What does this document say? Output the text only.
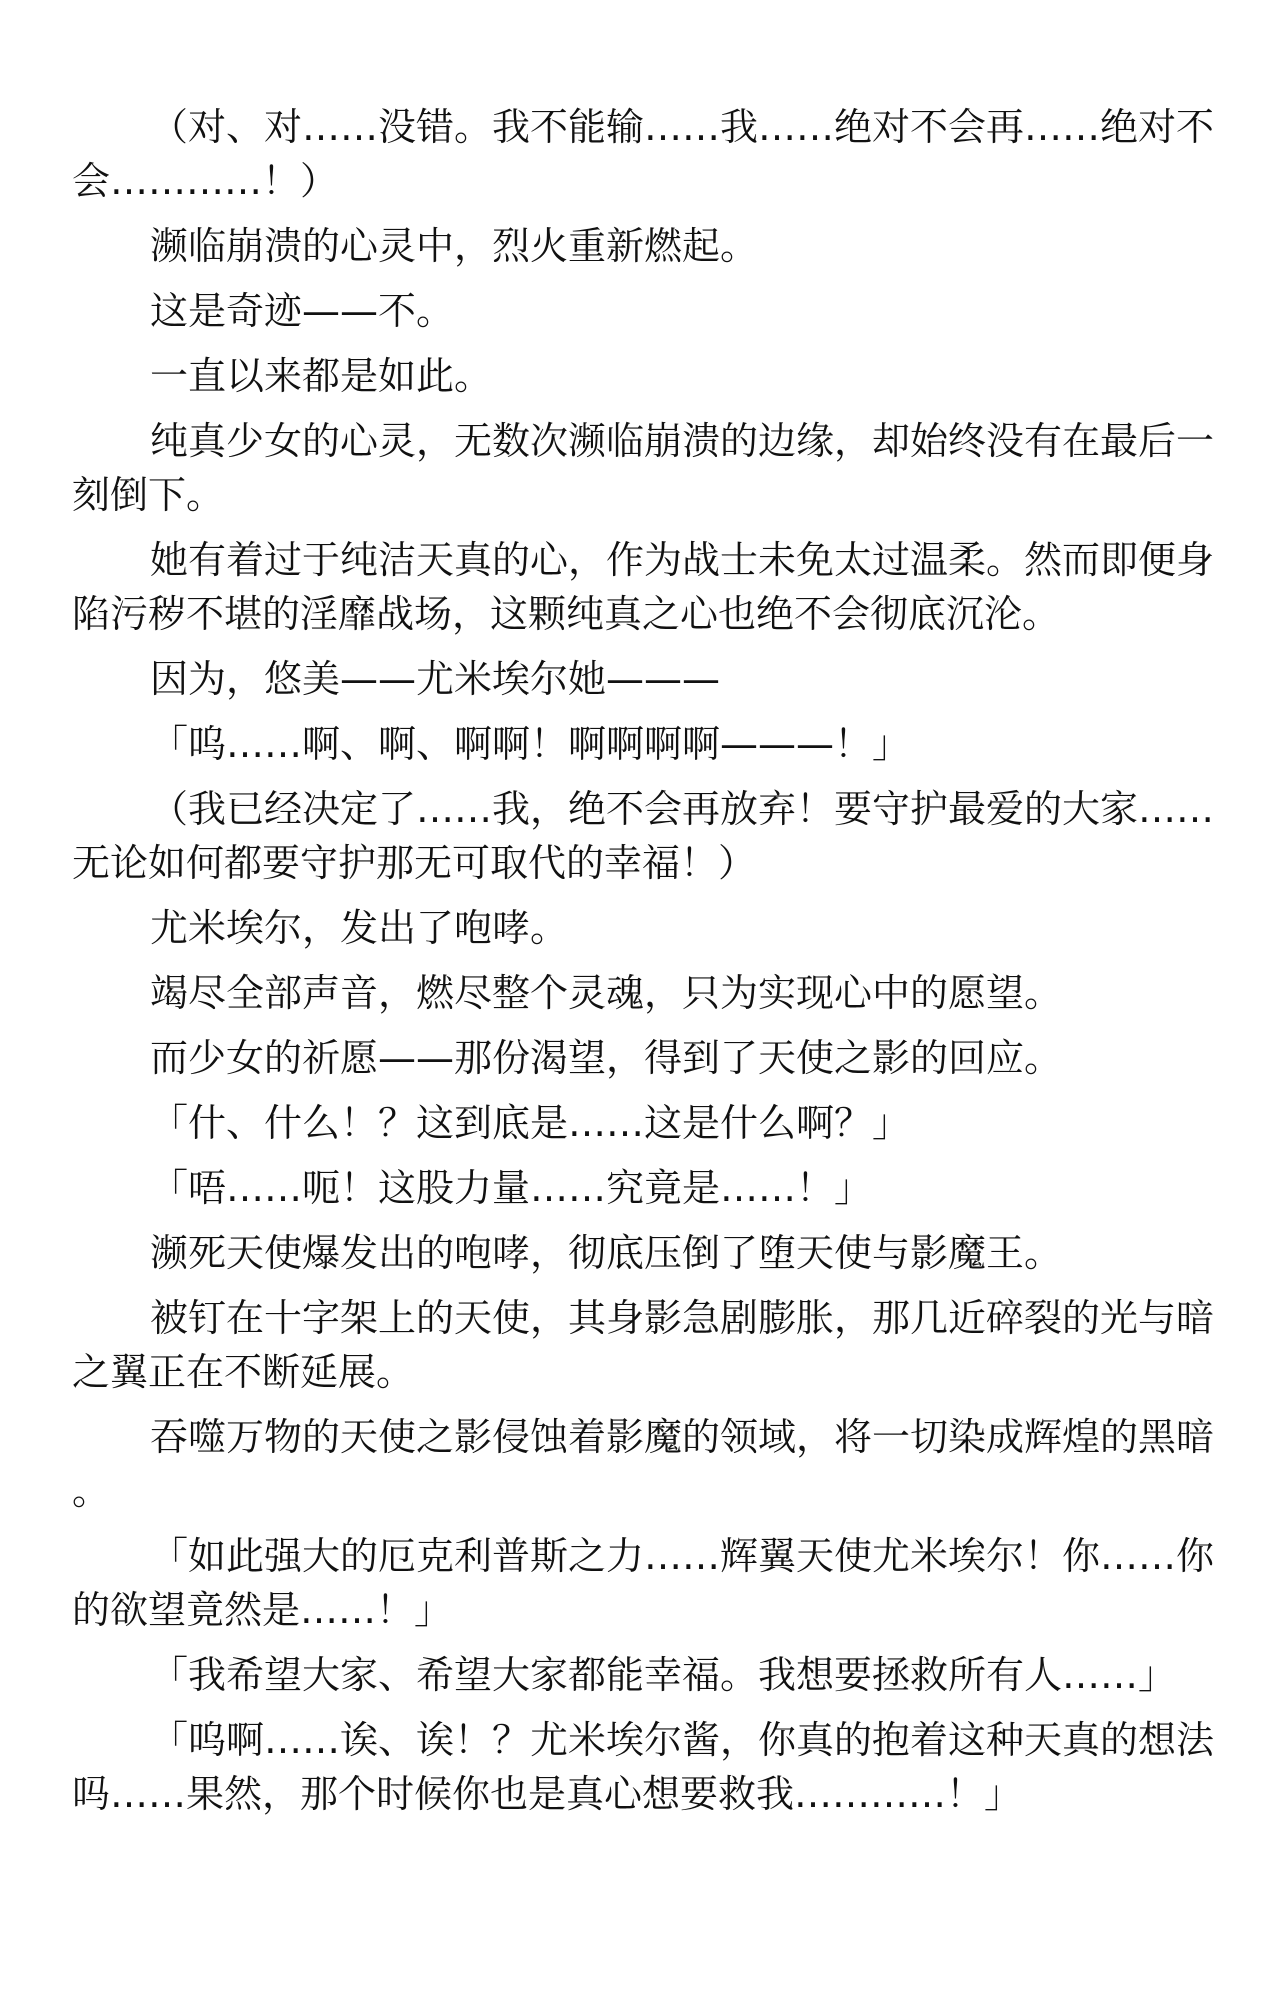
（对、对……没错。我不能输……我……绝对不会再……绝对不会…………！）

濒临崩溃的心灵中，烈火重新燃起。

这是奇迹——不。

一直以来都是如此。

纯真少女的心灵，无数次濒临崩溃的边缘，却始终没有在最后一刻倒下。

她有着过于纯洁天真的心，作为战士未免太过温柔。然而即便身陷污秽不堪的淫靡战场，这颗纯真之心也绝不会彻底沉沦。

因为，悠美——尤米埃尔她———

「呜……啊、啊、啊啊！啊啊啊啊———！」

（我已经决定了……我，绝不会再放弃！要守护最爱的大家……无论如何都要守护那无可取代的幸福！）

尤米埃尔，发出了咆哮。

竭尽全部声音，燃尽整个灵魂，只为实现心中的愿望。

而少女的祈愿——那份渴望，得到了天使之影的回应。

「什、什么！？这到底是……这是什么啊？」

「唔……呃！这股力量……究竟是……！」

濒死天使爆发出的咆哮，彻底压倒了堕天使与影魔王。

被钉在十字架上的天使，其身影急剧膨胀，那几近碎裂的光与暗之翼正在不断延展。

吞噬万物的天使之影侵蚀着影魔的领域，将一切染成辉煌的黑暗。

「如此强大的厄克利普斯之力……辉翼天使尤米埃尔！你……你的欲望竟然是……！」

「我希望大家、希望大家都能幸福。我想要拯救所有人……」

「呜啊……诶、诶！？尤米埃尔酱，你真的抱着这种天真的想法吗……果然，那个时候你也是真心想要救我…………！」
